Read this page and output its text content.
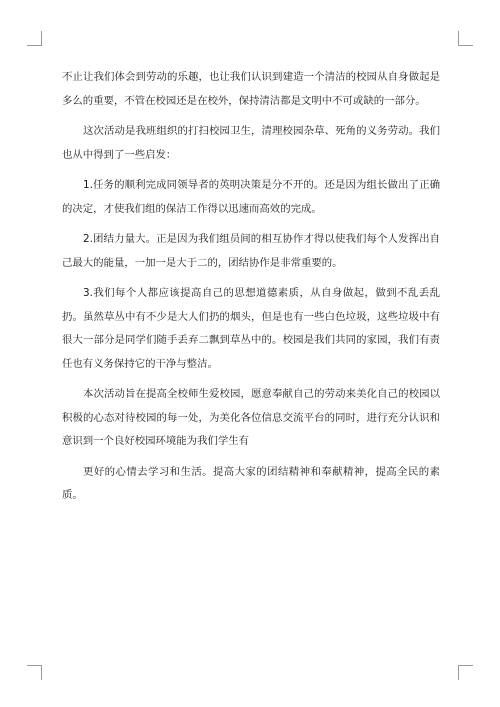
不止让我们体会到劳动的乐趣，也让我们认识到建造一个清洁的校园从自身做起是多么的重要，不管在校园还是在校外，保持清洁都是文明中不可或缺的一部分。

这次活动是我班组织的打扫校园卫生，清理校园杂草、死角的义务劳动。我们也从中得到了一些启发：

1.任务的顺利完成同领导者的英明决策是分不开的。还是因为组长做出了正确的决定，才使我们组的保洁工作得以迅速而高效的完成。

2.团结力量大。正是因为我们组员间的相互协作才得以使我们每个人发挥出自己最大的能量，一加一是大于二的，团结协作是非常重要的。

3.我们每个人都应该提高自己的思想道德素质，从自身做起，做到不乱丢乱扔。虽然草丛中有不少是大人们扔的烟头，但是也有一些白色垃圾，这些垃圾中有很大一部分是同学们随手丢弃二飘到草丛中的。校园是我们共同的家园，我们有责任也有义务保持它的干净与整洁。

本次活动旨在提高全校师生爱校园，愿意奉献自己的劳动来美化自己的校园以积极的心态对待校园的每一处，为美化各位信息交流平台的同时，进行充分认识和意识到一个良好校园环境能为我们学生有

更好的心情去学习和生活。提高大家的团结精神和奉献精神，提高全民的素质。
